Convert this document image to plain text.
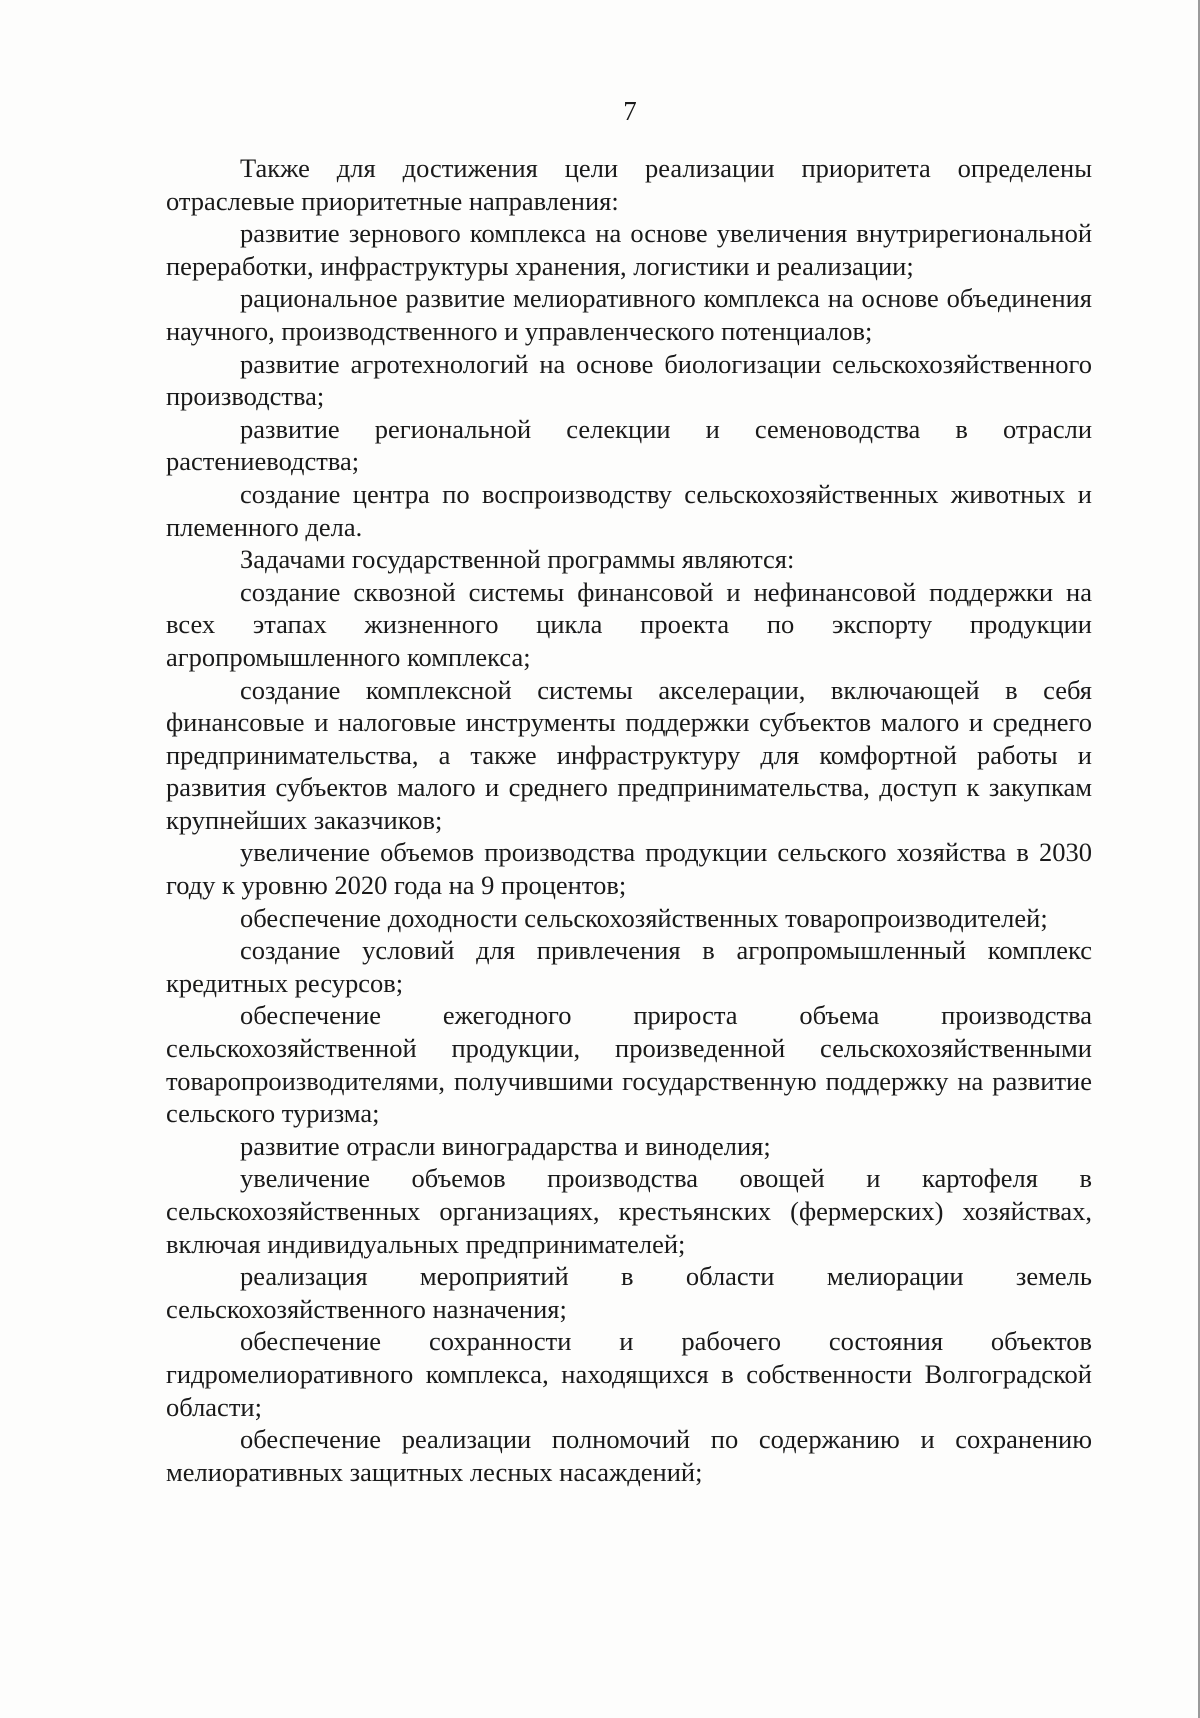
7

Также для достижения цели реализации приоритета определены отраслевые приоритетные направления:

развитие зернового комплекса на основе увеличения внутрирегиональной переработки, инфраструктуры хранения, логистики и реализации;

рациональное развитие мелиоративного комплекса на основе объединения научного, производственного и управленческого потенциалов;

развитие агротехнологий на основе биологизации сельскохозяйственного производства;

развитие региональной селекции и семеноводства в отрасли растениеводства;

создание центра по воспроизводству сельскохозяйственных животных и племенного дела.

Задачами государственной программы являются:

создание сквозной системы финансовой и нефинансовой поддержки на всех этапах жизненного цикла проекта по экспорту продукции агропромышленного комплекса;

создание комплексной системы акселерации, включающей в себя финансовые и налоговые инструменты поддержки субъектов малого и среднего предпринимательства, а также инфраструктуру для комфортной работы и развития субъектов малого и среднего предпринимательства, доступ к закупкам крупнейших заказчиков;

увеличение объемов производства продукции сельского хозяйства в 2030 году к уровню 2020 года на 9 процентов;

обеспечение доходности сельскохозяйственных товаропроизводителей;

создание условий для привлечения в агропромышленный комплекс кредитных ресурсов;

обеспечение ежегодного прироста объема производства сельскохозяйственной продукции, произведенной сельскохозяйственными товаропроизводителями, получившими государственную поддержку на развитие сельского туризма;

развитие отрасли виноградарства и виноделия;

увеличение объемов производства овощей и картофеля в сельскохозяйственных организациях, крестьянских (фермерских) хозяйствах, включая индивидуальных предпринимателей;

реализация мероприятий в области мелиорации земель сельскохозяйственного назначения;

обеспечение сохранности и рабочего состояния объектов гидромелиоративного комплекса, находящихся в собственности Волгоградской области;

обеспечение реализации полномочий по содержанию и сохранению мелиоративных защитных лесных насаждений;
